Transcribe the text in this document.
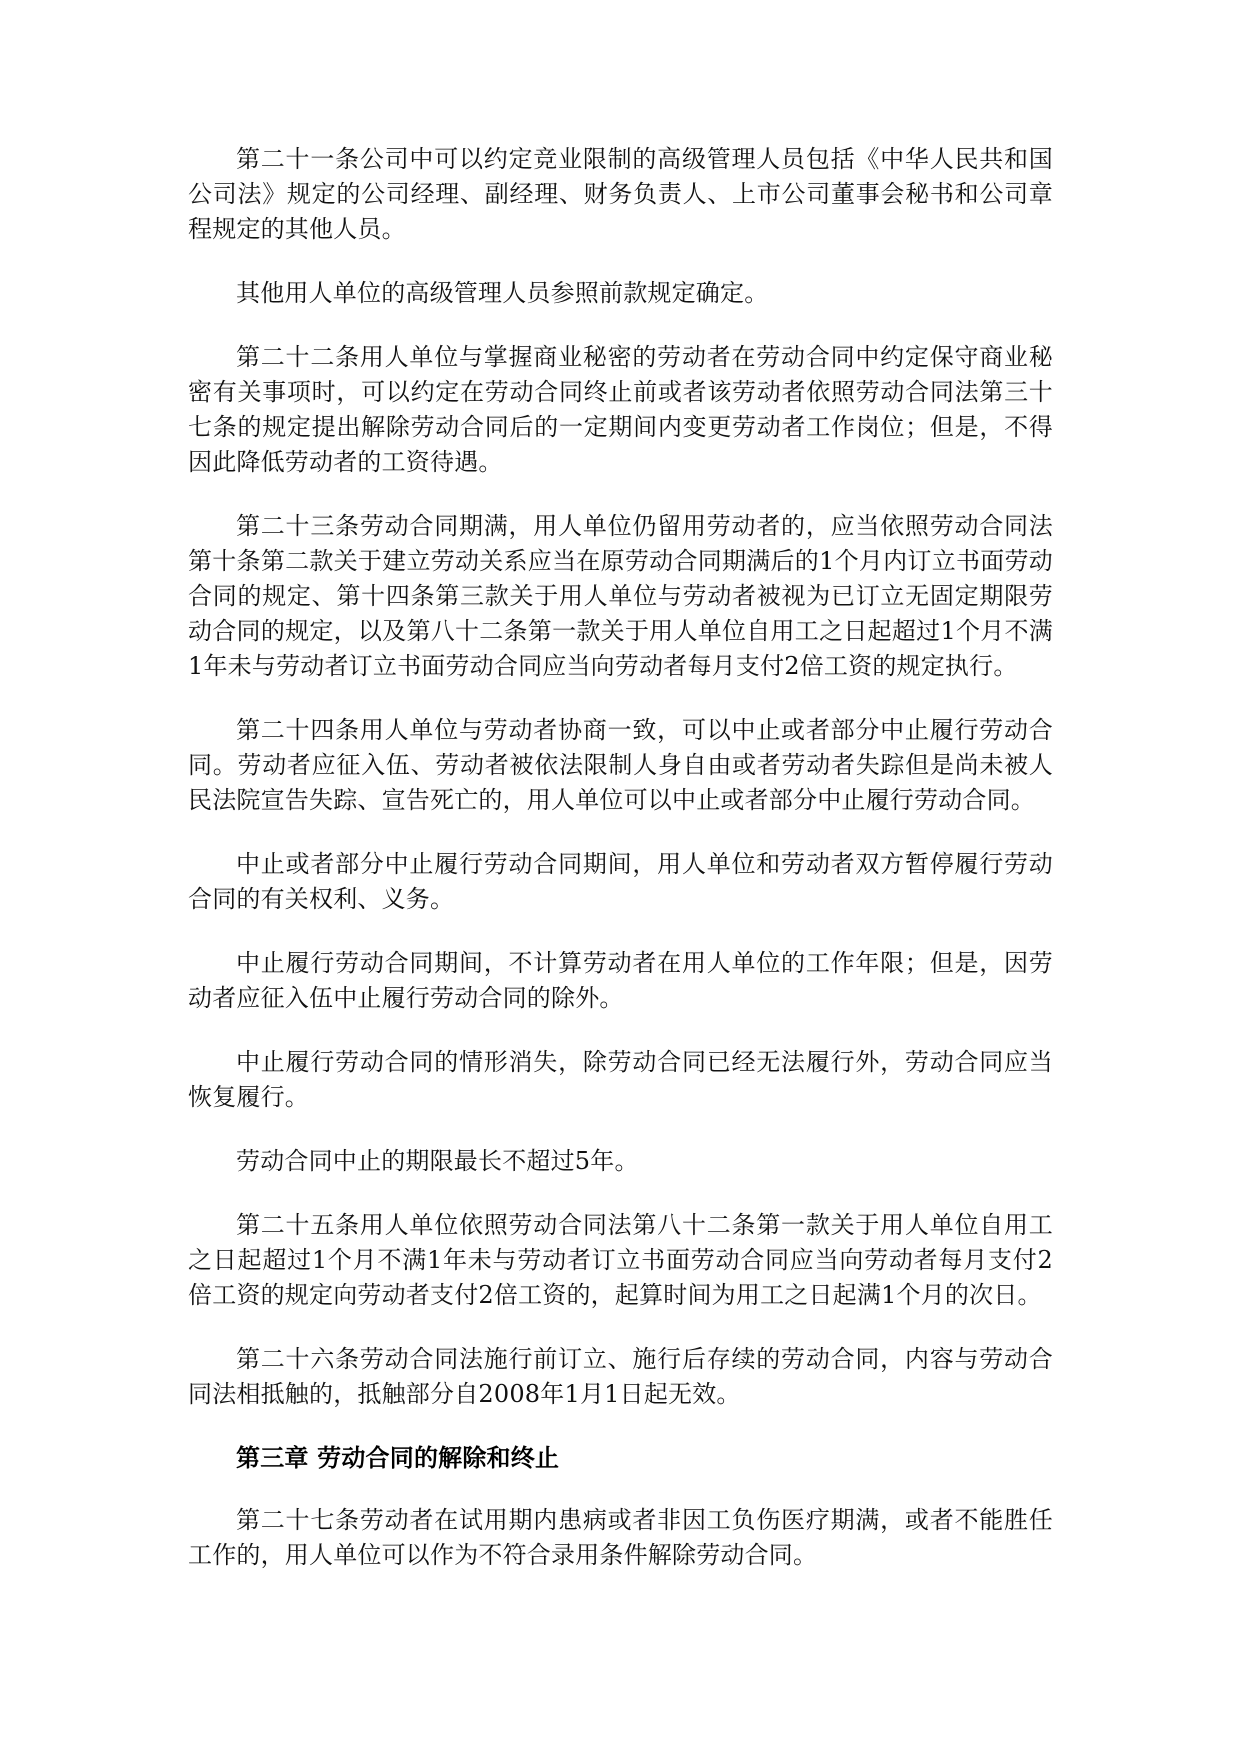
第二十一条公司中可以约定竞业限制的高级管理人员包括《中华人民共和国公司法》规定的公司经理、副经理、财务负责人、上市公司董事会秘书和公司章程规定的其他人员。

其他用人单位的高级管理人员参照前款规定确定。

第二十二条用人单位与掌握商业秘密的劳动者在劳动合同中约定保守商业秘密有关事项时，可以约定在劳动合同终止前或者该劳动者依照劳动合同法第三十七条的规定提出解除劳动合同后的一定期间内变更劳动者工作岗位；但是，不得因此降低劳动者的工资待遇。

第二十三条劳动合同期满，用人单位仍留用劳动者的，应当依照劳动合同法第十条第二款关于建立劳动关系应当在原劳动合同期满后的1个月内订立书面劳动合同的规定、第十四条第三款关于用人单位与劳动者被视为已订立无固定期限劳动合同的规定，以及第八十二条第一款关于用人单位自用工之日起超过1个月不满1年未与劳动者订立书面劳动合同应当向劳动者每月支付2倍工资的规定执行。

第二十四条用人单位与劳动者协商一致，可以中止或者部分中止履行劳动合同。劳动者应征入伍、劳动者被依法限制人身自由或者劳动者失踪但是尚未被人民法院宣告失踪、宣告死亡的，用人单位可以中止或者部分中止履行劳动合同。

中止或者部分中止履行劳动合同期间，用人单位和劳动者双方暂停履行劳动合同的有关权利、义务。

中止履行劳动合同期间，不计算劳动者在用人单位的工作年限；但是，因劳动者应征入伍中止履行劳动合同的除外。

中止履行劳动合同的情形消失，除劳动合同已经无法履行外，劳动合同应当恢复履行。

劳动合同中止的期限最长不超过5年。

第二十五条用人单位依照劳动合同法第八十二条第一款关于用人单位自用工之日起超过1个月不满1年未与劳动者订立书面劳动合同应当向劳动者每月支付2倍工资的规定向劳动者支付2倍工资的，起算时间为用工之日起满1个月的次日。

第二十六条劳动合同法施行前订立、施行后存续的劳动合同，内容与劳动合同法相抵触的，抵触部分自2008年1月1日起无效。

第三章 劳动合同的解除和终止

第二十七条劳动者在试用期内患病或者非因工负伤医疗期满，或者不能胜任工作的，用人单位可以作为不符合录用条件解除劳动合同。
